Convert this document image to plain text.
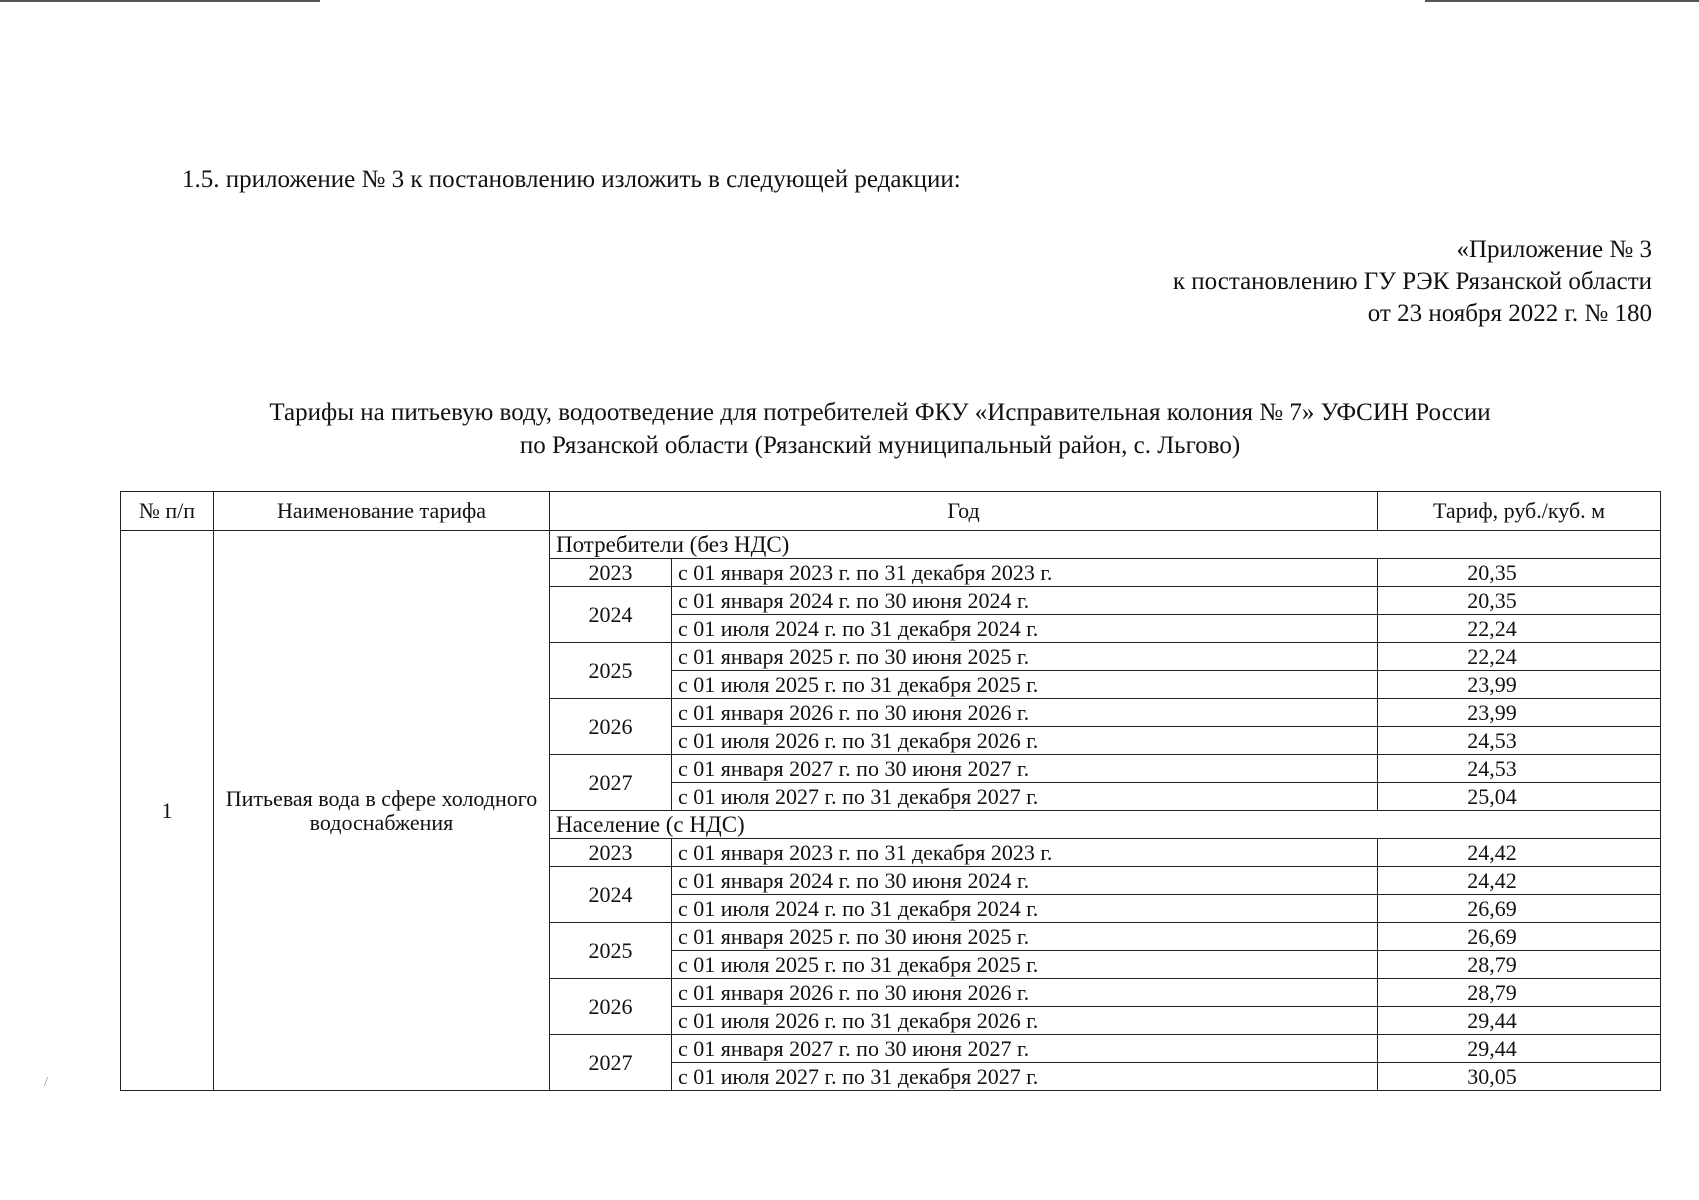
1.5. приложение № 3 к постановлению изложить в следующей редакции:
«Приложение № 3
к постановлению ГУ РЭК Рязанской области
от 23 ноября 2022 г. № 180
Тарифы на питьевую воду, водоотведение для потребителей ФКУ «Исправительная колония № 7» УФСИН России
по Рязанской области (Рязанский муниципальный район, с. Льгово)
№ п/п	Наименование тарифа	Год		Тариф, руб./куб. м
1	Питьевая вода в сфере холодного водоснабжения	Потребители (без НДС)		
		2023	с 01 января 2023 г. по 31 декабря 2023 г.	20,35
		2024	с 01 января 2024 г. по 30 июня 2024 г.	20,35
			с 01 июля 2024 г. по 31 декабря 2024 г.	22,24
		2025	с 01 января 2025 г. по 30 июня 2025 г.	22,24
			с 01 июля 2025 г. по 31 декабря 2025 г.	23,99
		2026	с 01 января 2026 г. по 30 июня 2026 г.	23,99
			с 01 июля 2026 г. по 31 декабря 2026 г.	24,53
		2027	с 01 января 2027 г. по 30 июня 2027 г.	24,53
			с 01 июля 2027 г. по 31 декабря 2027 г.	25,04
		Население (с НДС)		
		2023	с 01 января 2023 г. по 31 декабря 2023 г.	24,42
		2024	с 01 января 2024 г. по 30 июня 2024 г.	24,42
			с 01 июля 2024 г. по 31 декабря 2024 г.	26,69
		2025	с 01 января 2025 г. по 30 июня 2025 г.	26,69
			с 01 июля 2025 г. по 31 декабря 2025 г.	28,79
		2026	с 01 января 2026 г. по 30 июня 2026 г.	28,79
			с 01 июля 2026 г. по 31 декабря 2026 г.	29,44
		2027	с 01 января 2027 г. по 30 июня 2027 г.	29,44
			с 01 июля 2027 г. по 31 декабря 2027 г.	30,05
/
